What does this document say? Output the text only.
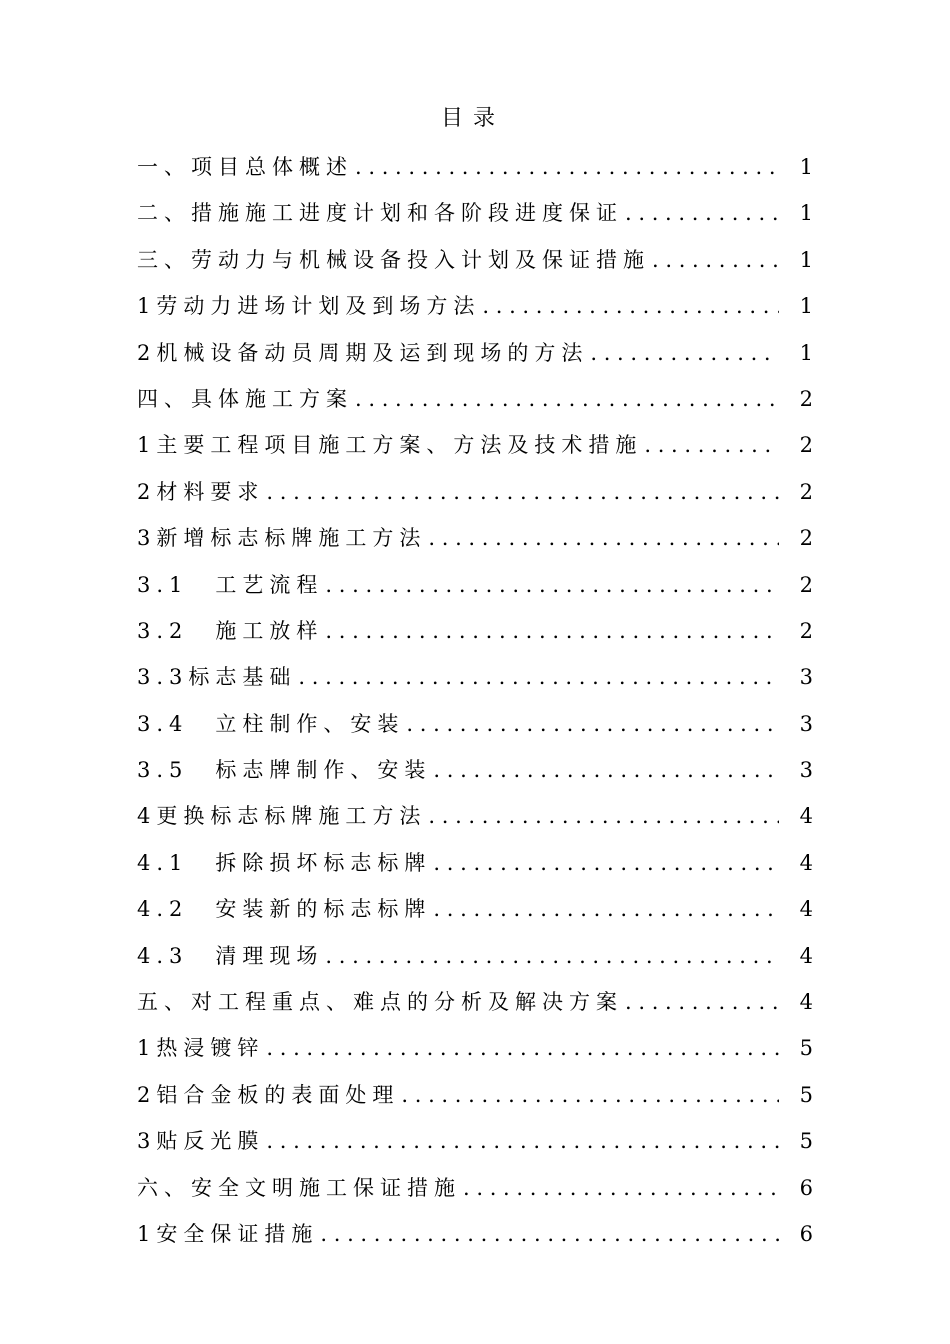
目录
一、项目总体概述 . . .	1
二、措施施工进度计划和各阶段进度保证 . . .	1
三、劳动力与机械设备投入计划及保证措施 . . .	1
1劳动力进场计划及到场方法 . . .	1
2机械设备动员周期及运到现场的方法 . . .	1
四、具体施工方案 . . .	2
1主要工程项目施工方案、方法及技术措施 . . .	2
2材料要求 . . .	2
3新增标志标牌施工方法 . . .	2
3.1　工艺流程 . . .	2
3.2　施工放样 . . .	2
3.3标志基础 . . .	3
3.4　立柱制作、安装 . . .	3
3.5　标志牌制作、安装 . . .	3
4更换标志标牌施工方法 . . .	4
4.1　拆除损坏标志标牌 . . .	4
4.2　安装新的标志标牌 . . .	4
4.3　清理现场 . . .	4
五、对工程重点、难点的分析及解决方案 . . .	4
1热浸镀锌 . . .	5
2铝合金板的表面处理 . . .	5
3贴反光膜 . . .	5
六、安全文明施工保证措施 . . .	6
1安全保证措施 . . .	6
